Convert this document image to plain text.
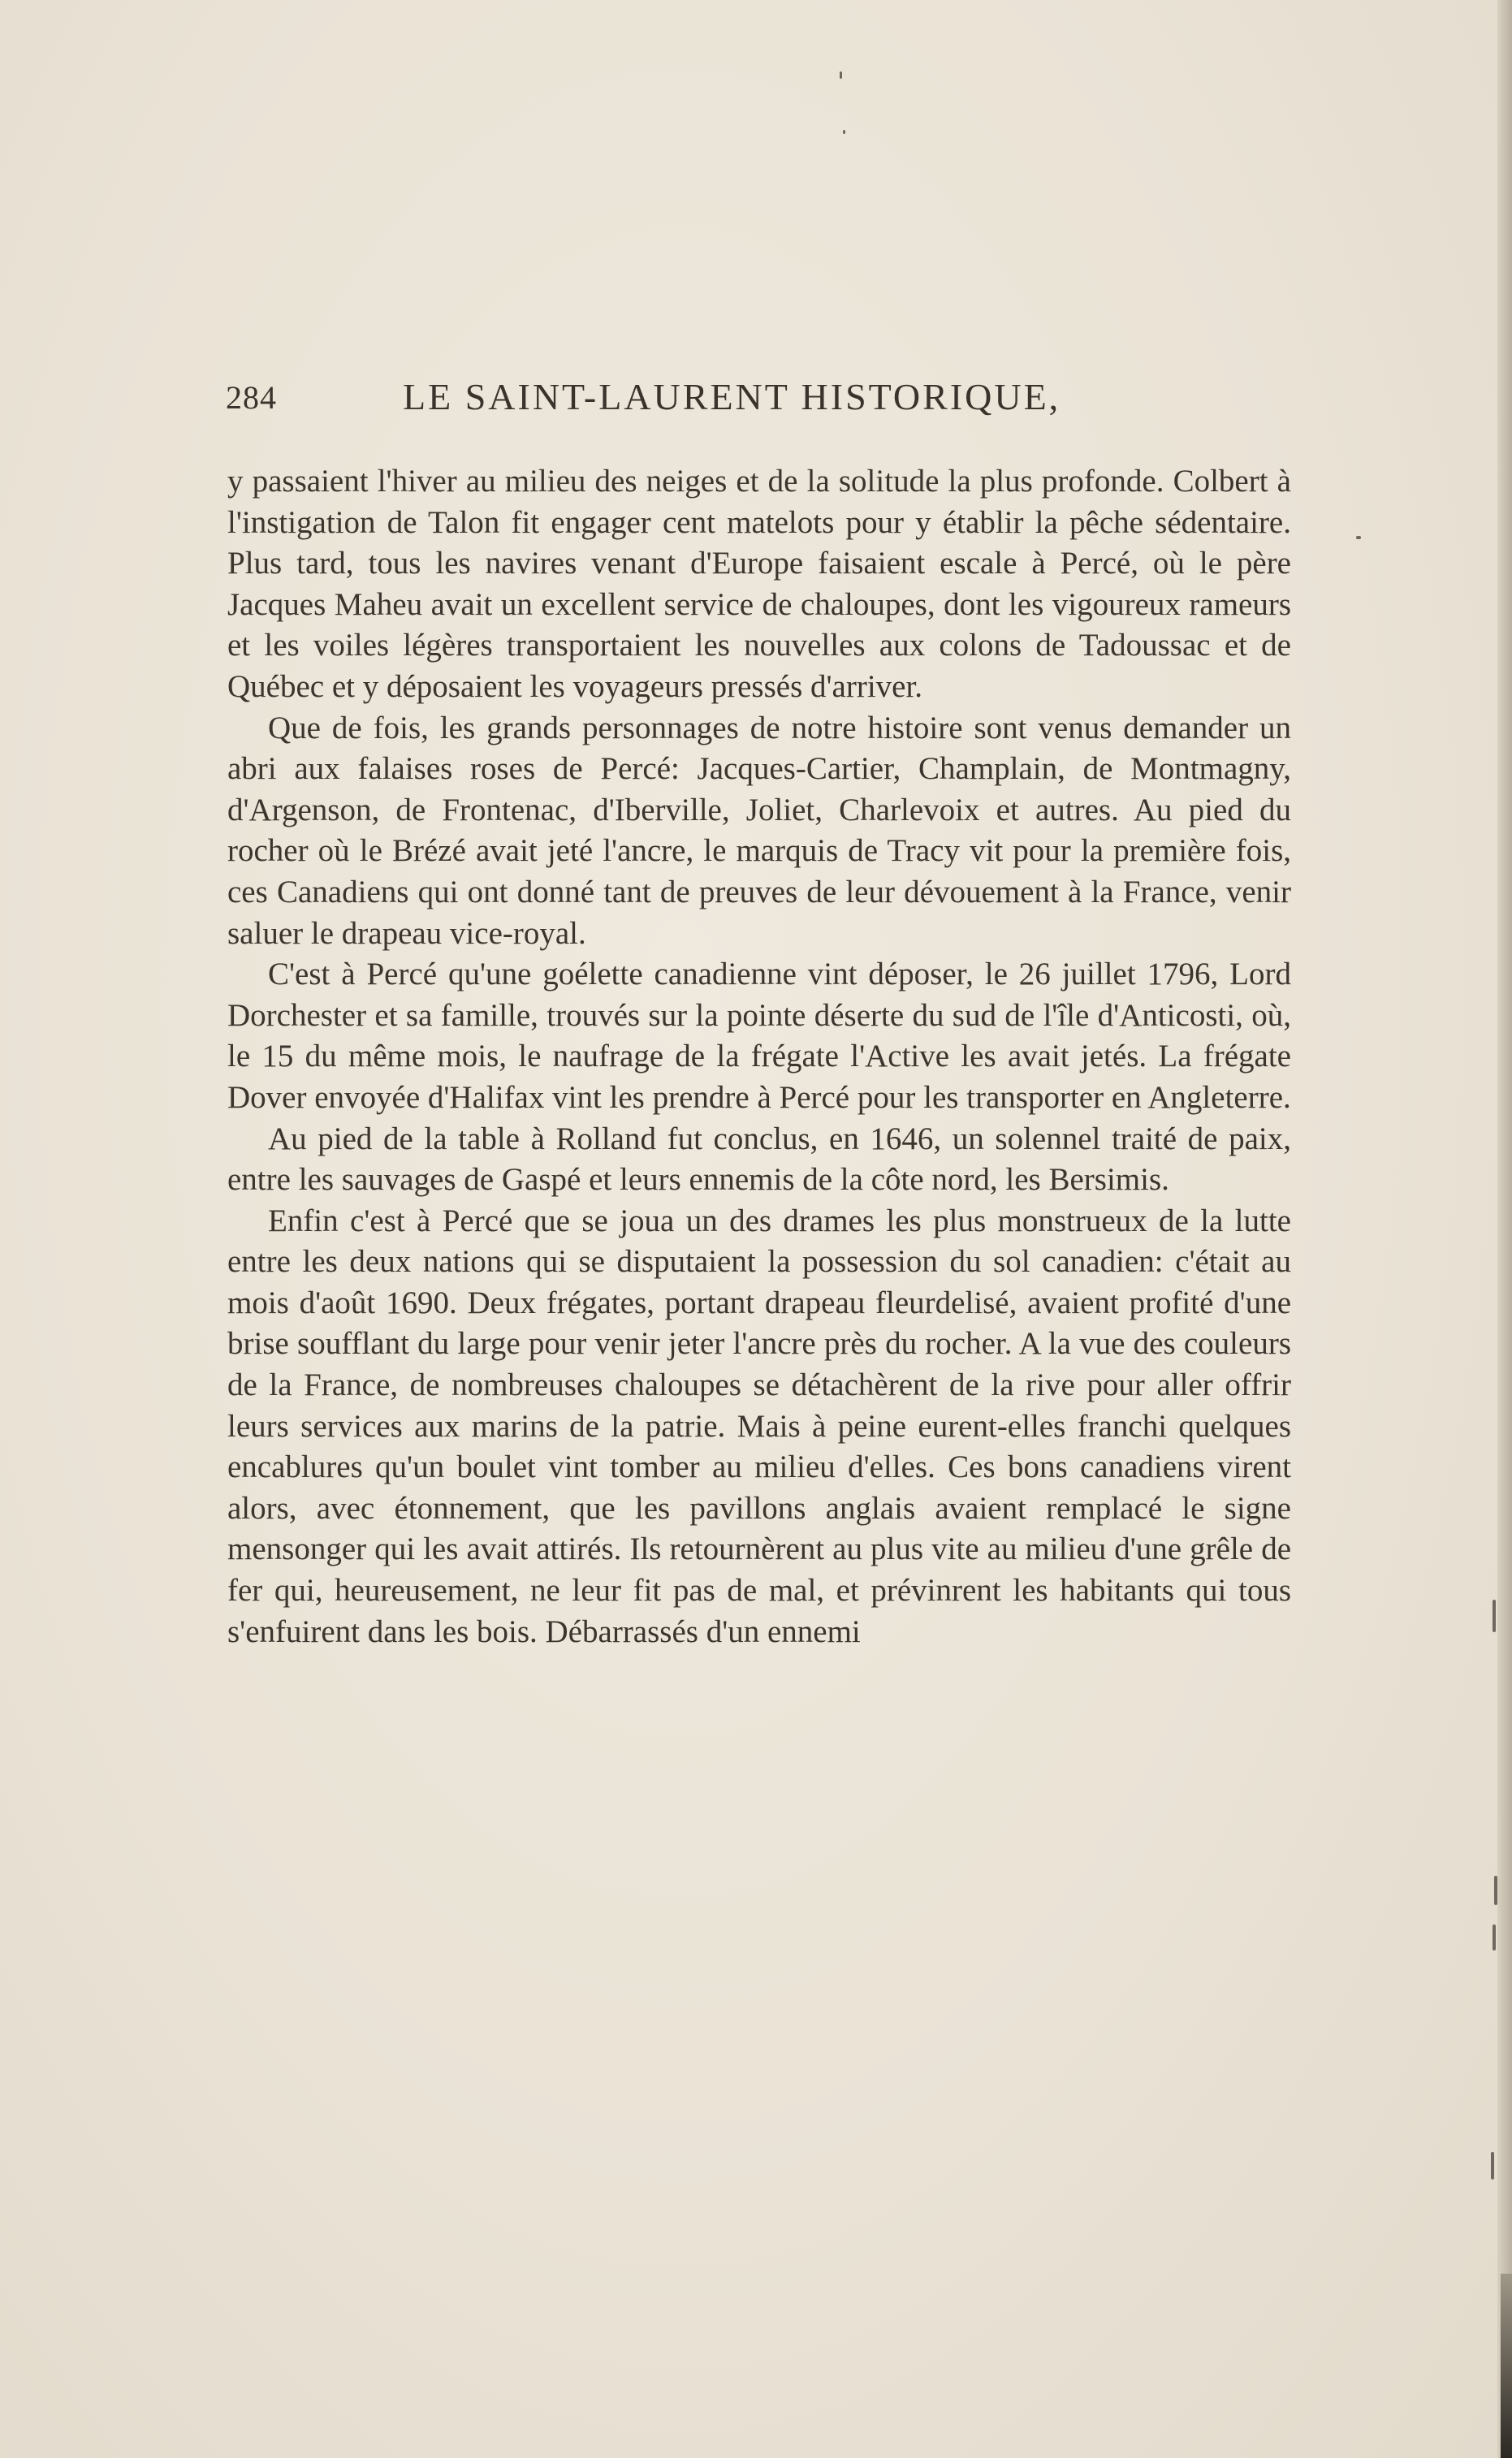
284	LE SAINT-LAURENT HISTORIQUE,

y passaient l'hiver au milieu des neiges et de la solitude la plus profonde. Colbert à l'instigation de Talon fit engager cent matelots pour y établir la pêche sédentaire. Plus tard, tous les navires venant d'Europe faisaient escale à Percé, où le père Jacques Maheu avait un excellent service de chaloupes, dont les vigoureux rameurs et les voiles légères transportaient les nouvelles aux colons de Tadoussac et de Québec et y déposaient les voyageurs pressés d'arriver.

Que de fois, les grands personnages de notre histoire sont venus demander un abri aux falaises roses de Percé: Jacques-Cartier, Champlain, de Montmagny, d'Argenson, de Frontenac, d'Iberville, Joliet, Charlevoix et autres. Au pied du rocher où le Brézé avait jeté l'ancre, le marquis de Tracy vit pour la première fois, ces Canadiens qui ont donné tant de preuves de leur dévouement à la France, venir saluer le drapeau vice-royal.

C'est à Percé qu'une goélette canadienne vint déposer, le 26 juillet 1796, Lord Dorchester et sa famille, trouvés sur la pointe déserte du sud de l'île d'Anticosti, où, le 15 du même mois, le naufrage de la frégate l'Active les avait jetés. La frégate Dover envoyée d'Halifax vint les prendre à Percé pour les transporter en Angleterre.

Au pied de la table à Rolland fut conclus, en 1646, un solennel traité de paix, entre les sauvages de Gaspé et leurs ennemis de la côte nord, les Bersimis.

Enfin c'est à Percé que se joua un des drames les plus monstrueux de la lutte entre les deux nations qui se disputaient la possession du sol canadien: c'était au mois d'août 1690. Deux frégates, portant drapeau fleurdelisé, avaient profité d'une brise soufflant du large pour venir jeter l'ancre près du rocher. A la vue des couleurs de la France, de nombreuses chaloupes se détachèrent de la rive pour aller offrir leurs services aux marins de la patrie. Mais à peine eurent-elles franchi quelques encablures qu'un boulet vint tomber au milieu d'elles. Ces bons canadiens virent alors, avec étonnement, que les pavillons anglais avaient remplacé le signe mensonger qui les avait attirés. Ils retournèrent au plus vite au milieu d'une grêle de fer qui, heureusement, ne leur fit pas de mal, et prévinrent les habitants qui tous s'enfuirent dans les bois. Débarrassés d'un ennemi
